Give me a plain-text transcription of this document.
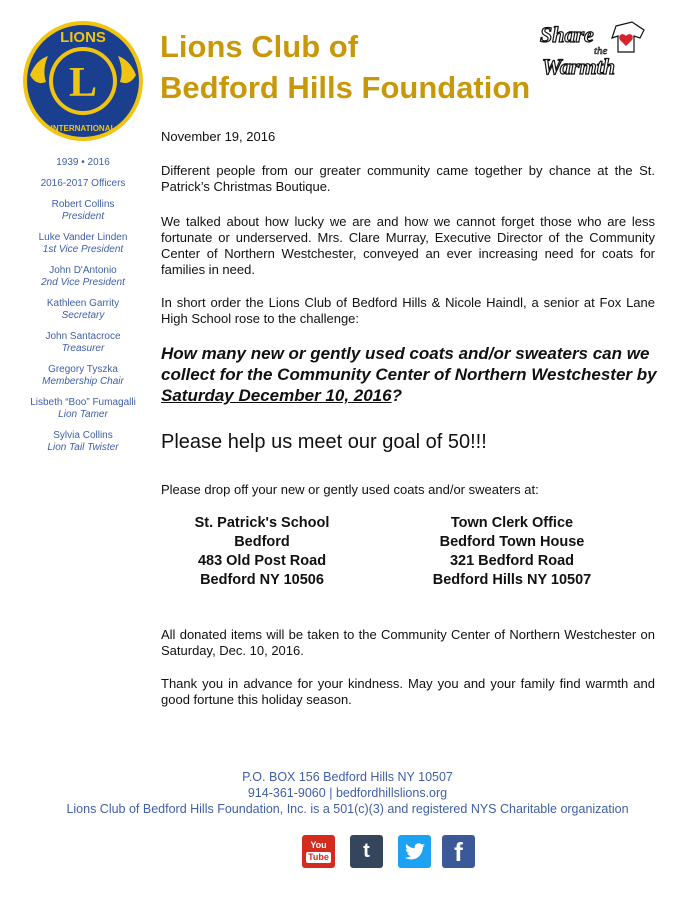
L
LIONS
INTERNATIONAL
Lions Club of
Bedford Hills Foundation
Share
the
Warmth
1939 • 2016
2016-2017 Officers
Robert Collins
President
Luke Vander Linden
1st Vice President
John D'Antonio
2nd Vice President
Kathleen Garrity
Secretary
John Santacroce
Treasurer
Gregory Tyszka
Membership Chair
Lisbeth “Boo” Fumagalli
Lion Tamer
Sylvia Collins
Lion Tail Twister
November 19, 2016
Different people from our greater community came together by chance at the St. Patrick’s Christmas Boutique.
We talked about how lucky we are and how we cannot forget those who are less fortunate or underserved. Mrs. Clare Murray, Executive Director of the Community Center of Northern Westchester, conveyed an ever increasing need for coats for families in need.
In short order the Lions Club of Bedford Hills & Nicole Haindl, a senior at Fox Lane High School rose to the challenge:
How many new or gently used coats and/or sweaters can we collect for the Community Center of Northern Westchester by Saturday December 10, 2016?
Please help us meet our goal of 50!!!
Please drop off your new or gently used coats and/or sweaters at:
St. Patrick's School
Bedford
483 Old Post Road
Bedford NY 10506
Town Clerk Office
Bedford Town House
321 Bedford Road
Bedford Hills NY 10507
All donated items will be taken to the Community Center of Northern Westchester on Saturday, Dec. 10, 2016.
Thank you in advance for your kindness. May you and your family find warmth and good fortune this holiday season.
P.O. BOX 156 Bedford Hills NY 10507
914-361-9060 | bedfordhillslions.org
Lions Club of Bedford Hills Foundation, Inc. is a 501(c)(3) and registered NYS Charitable organization
You
Tube t	f
